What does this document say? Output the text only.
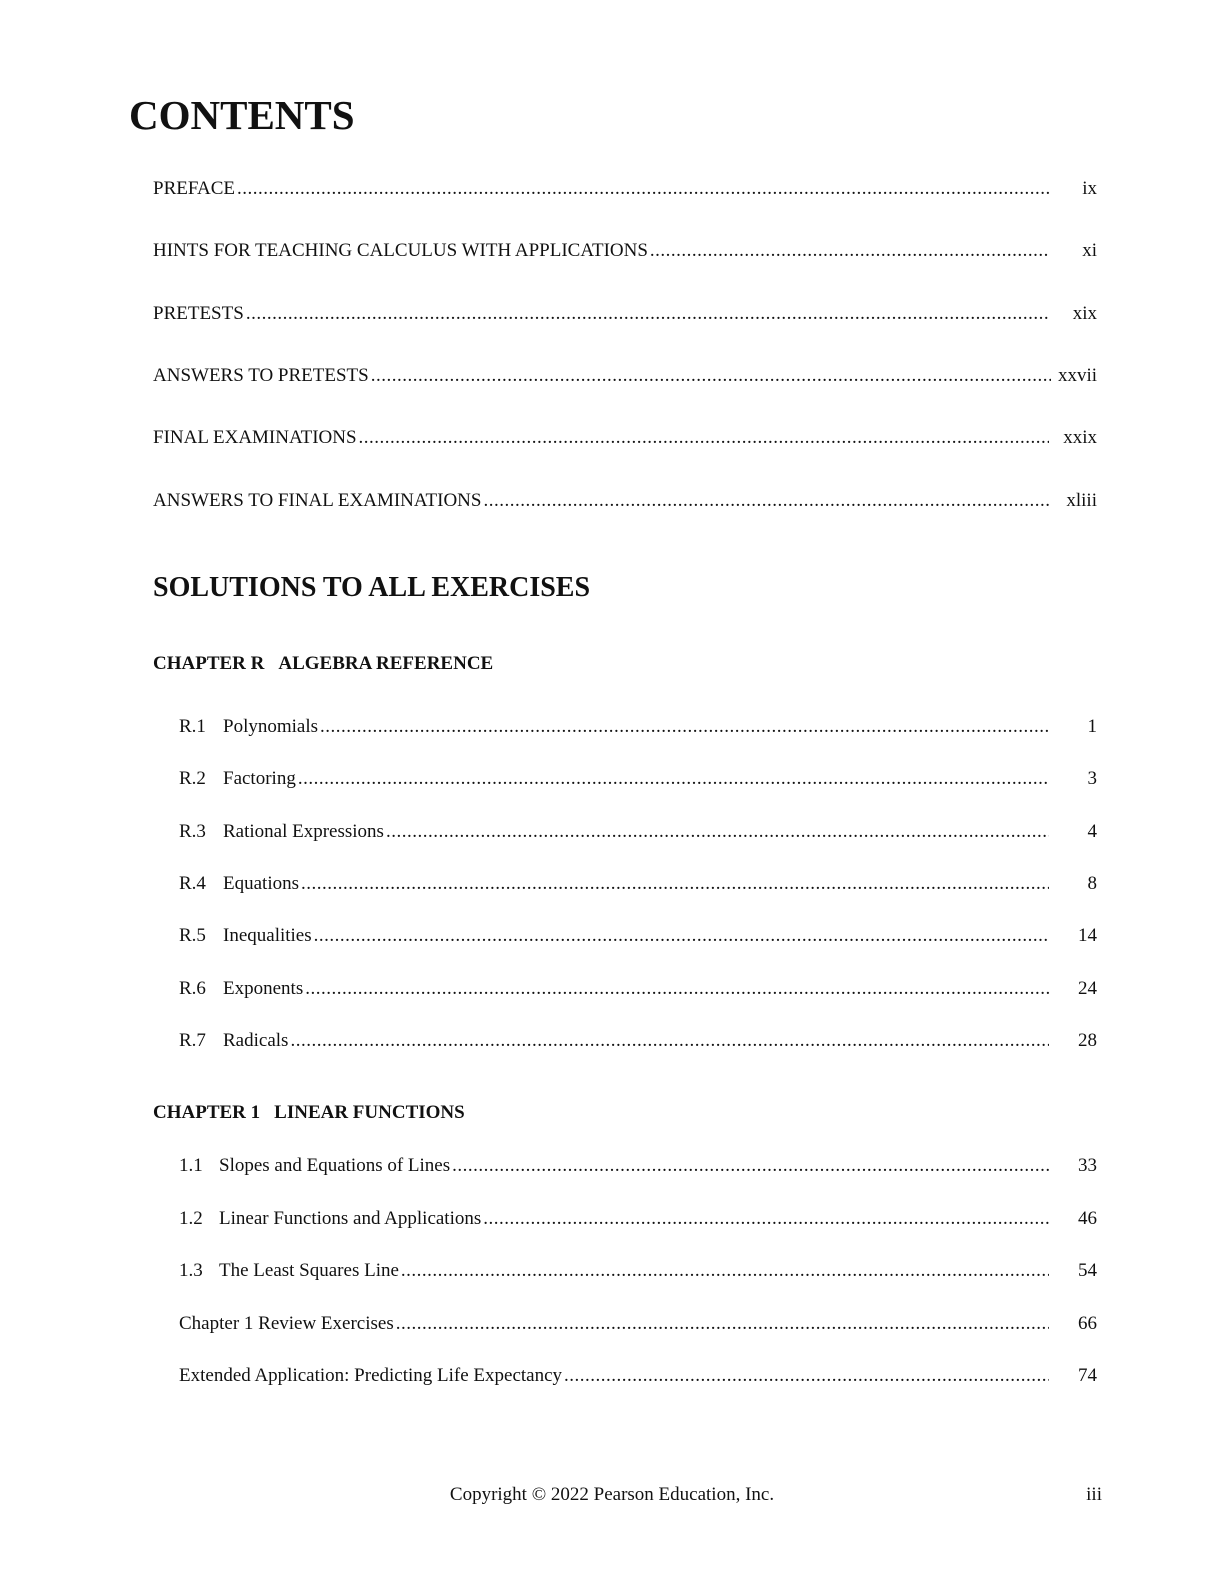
CONTENTS
PREFACE .....	ix
HINTS FOR TEACHING CALCULUS WITH APPLICATIONS .....	xi
PRETESTS .....	xix
ANSWERS TO PRETESTS .....	xxvii
FINAL EXAMINATIONS .....	xxix
ANSWERS TO FINAL EXAMINATIONS .....	xliii
SOLUTIONS TO ALL EXERCISES
CHAPTER R ALGEBRA REFERENCE
R.1 Polynomials .....	1
R.2 Factoring .....	3
R.3 Rational Expressions .....	4
R.4 Equations .....	8
R.5 Inequalities .....	14
R.6 Exponents .....	24
R.7 Radicals .....	28
CHAPTER 1 LINEAR FUNCTIONS
1.1 Slopes and Equations of Lines .....	33
1.2 Linear Functions and Applications .....	46
1.3 The Least Squares Line .....	54
Chapter 1 Review Exercises .....	66
Extended Application: Predicting Life Expectancy .....	74
Copyright © 2022 Pearson Education, Inc.	iii
